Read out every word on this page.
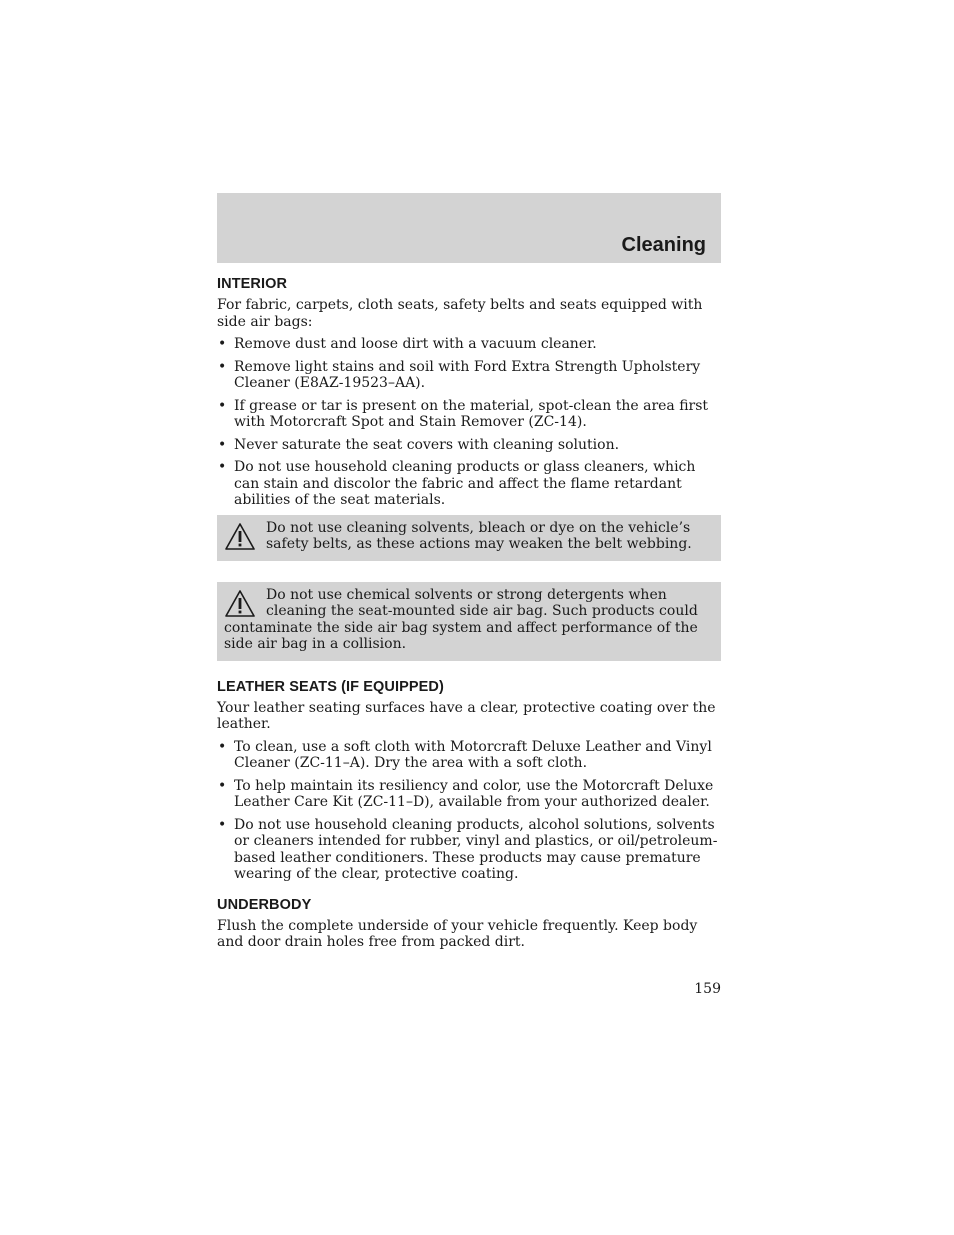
Cleaning
INTERIOR

For fabric, carpets, cloth seats, safety belts and seats equipped with side air bags:

• Remove dust and loose dirt with a vacuum cleaner.
• Remove light stains and soil with Ford Extra Strength Upholstery Cleaner (E8AZ-19523–AA).
• If grease or tar is present on the material, spot-clean the area first with Motorcraft Spot and Stain Remover (ZC-14).
• Never saturate the seat covers with cleaning solution.
• Do not use household cleaning products or glass cleaners, which can stain and discolor the fabric and affect the flame retardant abilities of the seat materials.
Do not use cleaning solvents, bleach or dye on the vehicle’s safety belts, as these actions may weaken the belt webbing.
Do not use chemical solvents or strong detergents when cleaning the seat-mounted side air bag. Such products could contaminate the side air bag system and affect performance of the side air bag in a collision.
LEATHER SEATS (IF EQUIPPED)

Your leather seating surfaces have a clear, protective coating over the leather.

• To clean, use a soft cloth with Motorcraft Deluxe Leather and Vinyl Cleaner (ZC-11–A). Dry the area with a soft cloth.
• To help maintain its resiliency and color, use the Motorcraft Deluxe Leather Care Kit (ZC-11–D), available from your authorized dealer.
• Do not use household cleaning products, alcohol solutions, solvents or cleaners intended for rubber, vinyl and plastics, or oil/petroleum-based leather conditioners. These products may cause premature wearing of the clear, protective coating.
UNDERBODY

Flush the complete underside of your vehicle frequently. Keep body and door drain holes free from packed dirt.

159
